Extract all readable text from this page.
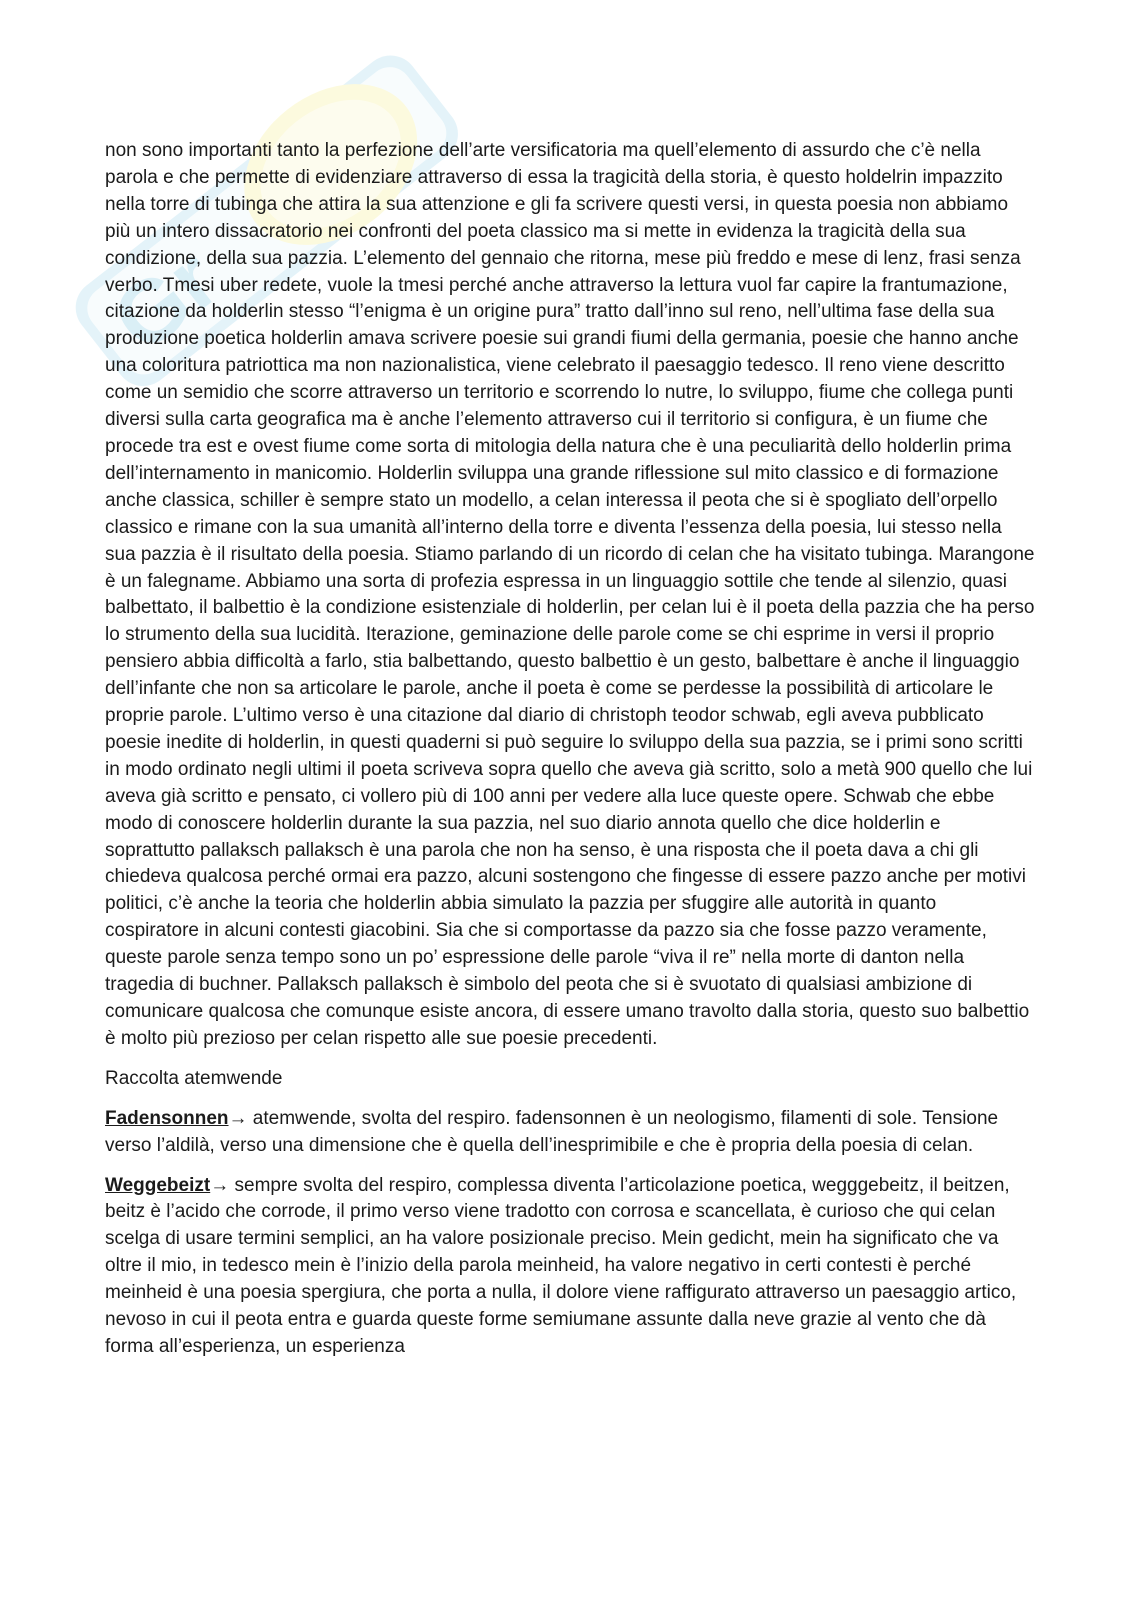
Gr

non sono importanti tanto la perfezione dell’arte versificatoria ma quell’elemento di assurdo che c’è nella parola e che permette di evidenziare attraverso di essa la tragicità della storia, è questo holdelrin impazzito nella torre di tubinga che attira la sua attenzione e gli fa scrivere questi versi, in questa poesia non abbiamo più un intero dissacratorio nei confronti del poeta classico ma si mette in evidenza la tragicità della sua condizione, della sua pazzia. L’elemento del gennaio che ritorna, mese più freddo e mese di lenz, frasi senza verbo. Tmesi uber redete, vuole la tmesi perché anche attraverso la lettura vuol far capire la frantumazione, citazione da holderlin stesso “l’enigma è un origine pura” tratto dall’inno sul reno, nell’ultima fase della sua produzione poetica holderlin amava scrivere poesie sui grandi fiumi della germania, poesie che hanno anche una coloritura patriottica ma non nazionalistica, viene celebrato il paesaggio tedesco. Il reno viene descritto come un semidio che scorre attraverso un territorio e scorrendo lo nutre, lo sviluppo, fiume che collega punti diversi sulla carta geografica ma è anche l’elemento attraverso cui il territorio si configura, è un fiume che procede tra est e ovest fiume come sorta di mitologia della natura che è una peculiarità dello holderlin prima dell’internamento in manicomio. Holderlin sviluppa una grande riflessione sul mito classico e di formazione anche classica, schiller è sempre stato un modello, a celan interessa il peota che si è spogliato dell’orpello classico e rimane con la sua umanità all’interno della torre e diventa l’essenza della poesia, lui stesso nella sua pazzia è il risultato della poesia. Stiamo parlando di un ricordo di celan che ha visitato tubinga. Marangone è un falegname. Abbiamo una sorta di profezia espressa in un linguaggio sottile che tende al silenzio, quasi balbettato, il balbettio è la condizione esistenziale di holderlin, per celan lui è il poeta della pazzia che ha perso lo strumento della sua lucidità. Iterazione, geminazione delle parole come se chi esprime in versi il proprio pensiero abbia difficoltà a farlo, stia balbettando, questo balbettio è un gesto, balbettare è anche il linguaggio dell’infante che non sa articolare le parole, anche il poeta è come se perdesse la possibilità di articolare le proprie parole. L’ultimo verso è una citazione dal diario di christoph teodor schwab, egli aveva pubblicato poesie inedite di holderlin, in questi quaderni si può seguire lo sviluppo della sua pazzia, se i primi sono scritti in modo ordinato negli ultimi il poeta scriveva sopra quello che aveva già scritto, solo a metà 900 quello che lui aveva già scritto e pensato, ci vollero più di 100 anni per vedere alla luce queste opere. Schwab che ebbe modo di conoscere holderlin durante la sua pazzia, nel suo diario annota quello che dice holderlin e soprattutto pallaksch pallaksch è una parola che non ha senso, è una risposta che il poeta dava a chi gli chiedeva qualcosa perché ormai era pazzo, alcuni sostengono che fingesse di essere pazzo anche per motivi politici, c’è anche la teoria che holderlin abbia simulato la pazzia per sfuggire alle autorità in quanto cospiratore in alcuni contesti giacobini. Sia che si comportasse da pazzo sia che fosse pazzo veramente, queste parole senza tempo sono un po’ espressione delle parole “viva il re” nella morte di danton nella tragedia di buchner. Pallaksch pallaksch è simbolo del peota che si è svuotato di qualsiasi ambizione di comunicare qualcosa che comunque esiste ancora, di essere umano travolto dalla storia, questo suo balbettio è molto più prezioso per celan rispetto alle sue poesie precedenti.

Raccolta atemwende

Fadensonnen→ atemwende, svolta del respiro. fadensonnen è un neologismo, filamenti di sole. Tensione verso l’aldilà, verso una dimensione che è quella dell’inesprimibile e che è propria della poesia di celan.

Weggebeizt→ sempre svolta del respiro, complessa diventa l’articolazione poetica, wegggebeitz, il beitzen, beitz è l’acido che corrode, il primo verso viene tradotto con corrosa e scancellata, è curioso che qui celan scelga di usare termini semplici, an ha valore posizionale preciso. Mein gedicht, mein ha significato che va oltre il mio, in tedesco mein è l’inizio della parola meinheid, ha valore negativo in certi contesti è perché meinheid è una poesia spergiura, che porta a nulla, il dolore viene raffigurato attraverso un paesaggio artico, nevoso in cui il peota entra e guarda queste forme semiumane assunte dalla neve grazie al vento che dà forma all’esperienza, un esperienza
